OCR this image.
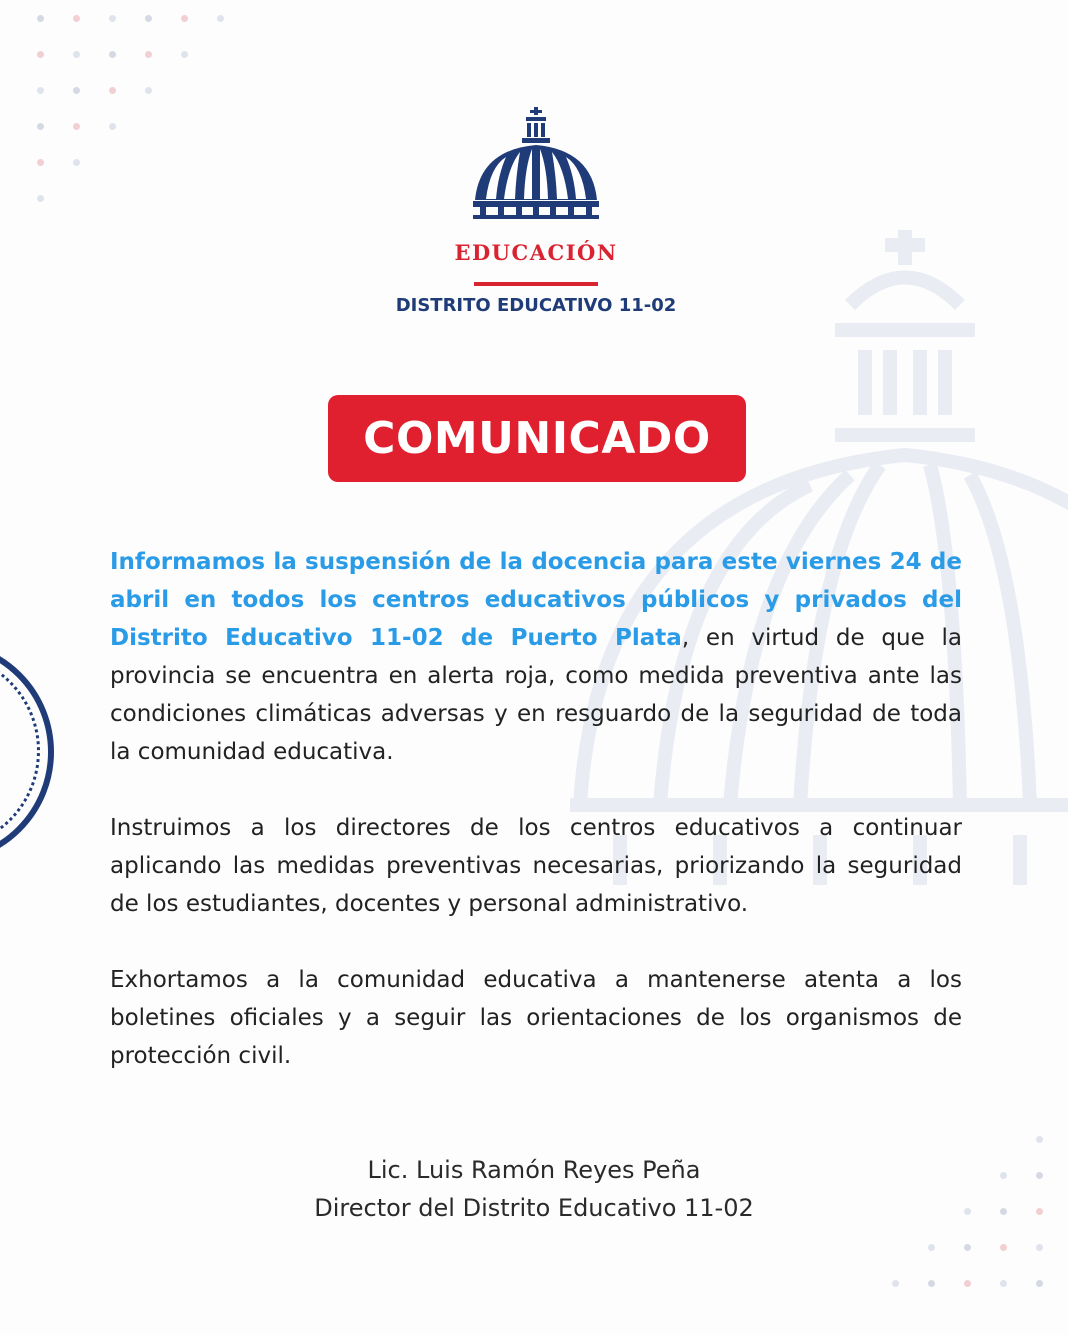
EDUCACIÓN
DISTRITO EDUCATIVO 11-02
COMUNICADO
Informamos la suspensión de la docencia para este viernes 24 de abril en todos los centros educativos públicos y privados del Distrito Educativo 11-02 de Puerto Plata, en virtud de que la provincia se encuentra en alerta roja, como medida preventiva ante las condiciones climáticas adversas y en resguardo de la seguridad de toda la comunidad educativa.
Instruimos a los directores de los centros educativos a continuar aplicando las medidas preventivas necesarias, priorizando la seguridad de los estudiantes, docentes y personal administrativo.
Exhortamos a la comunidad educativa a mantenerse atenta a los boletines oficiales y a seguir las orientaciones de los organismos de protección civil.
Lic. Luis Ramón Reyes Peña
Director del Distrito Educativo 11-02
